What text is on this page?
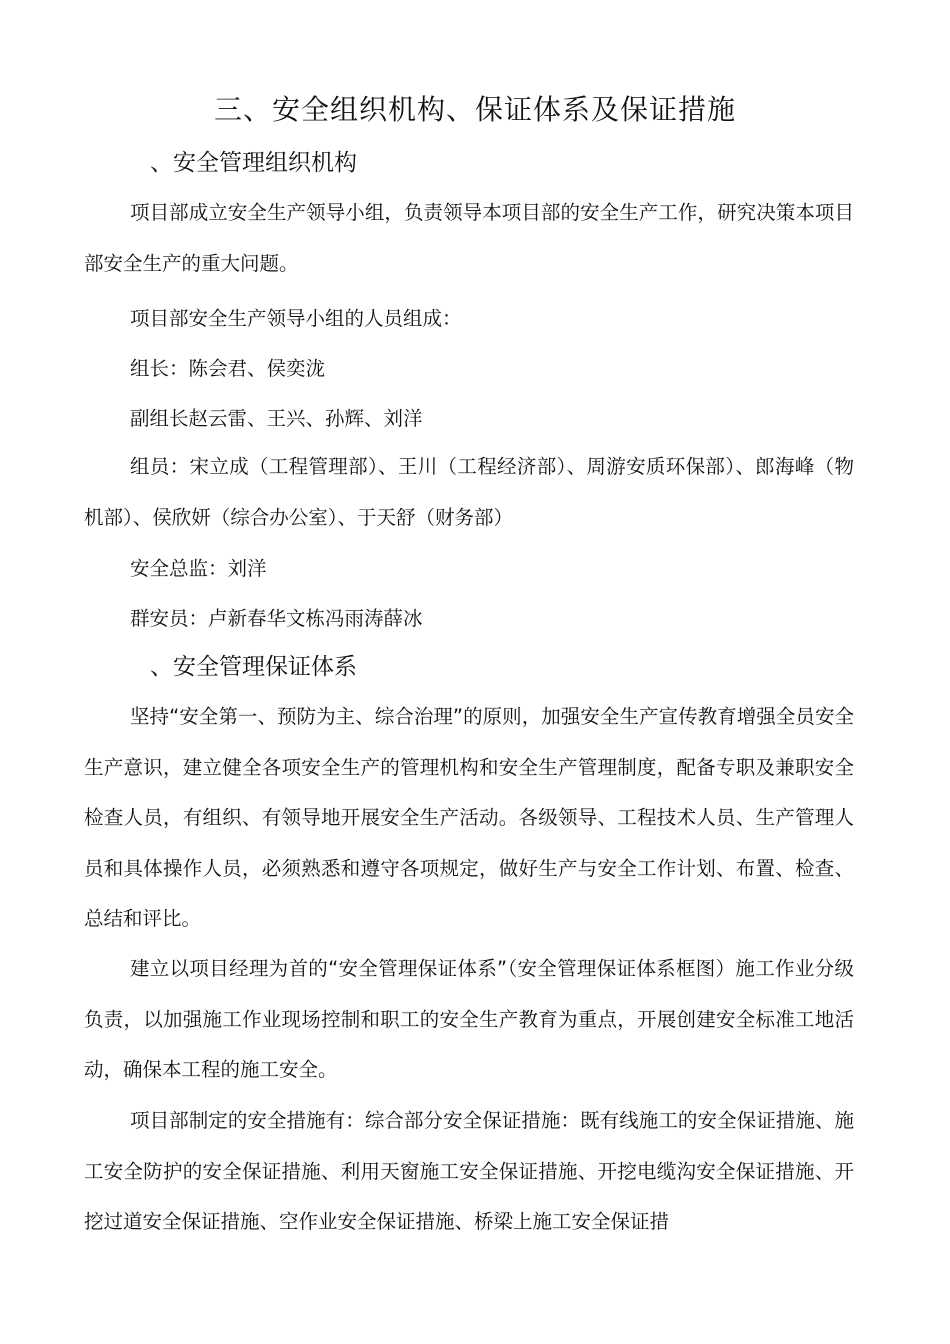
三、安全组织机构、保证体系及保证措施
、安全管理组织机构

项目部成立安全生产领导小组，负责领导本项目部的安全生产工作，研究决策本项目部安全生产的重大问题。

项目部安全生产领导小组的人员组成：
组长：陈会君、侯奕泷
副组长赵云雷、王兴、孙辉、刘洋

组员：宋立成（工程管理部）、王川（工程经济部）、周游安质环保部）、郎海峰（物机部）、侯欣妍（综合办公室）、于天舒（财务部）

安全总监：刘洋
群安员：卢新春华文栋冯雨涛薛冰
、安全管理保证体系

坚持“安全第一、预防为主、综合治理”的原则，加强安全生产宣传教育增强全员安全生产意识，建立健全各项安全生产的管理机构和安全生产管理制度，配备专职及兼职安全检查人员，有组织、有领导地开展安全生产活动。各级领导、工程技术人员、生产管理人员和具体操作人员，必须熟悉和遵守各项规定，做好生产与安全工作计划、布置、检查、总结和评比。

建立以项目经理为首的“安全管理保证体系”（安全管理保证体系框图）施工作业分级负责，以加强施工作业现场控制和职工的安全生产教育为重点，开展创建安全标准工地活动，确保本工程的施工安全。

项目部制定的安全措施有：综合部分安全保证措施：既有线施工的安全保证措施、施工安全防护的安全保证措施、利用天窗施工安全保证措施、开挖电缆沟安全保证措施、开挖过道安全保证措施、空作业安全保证措施、桥梁上施工安全保证措
